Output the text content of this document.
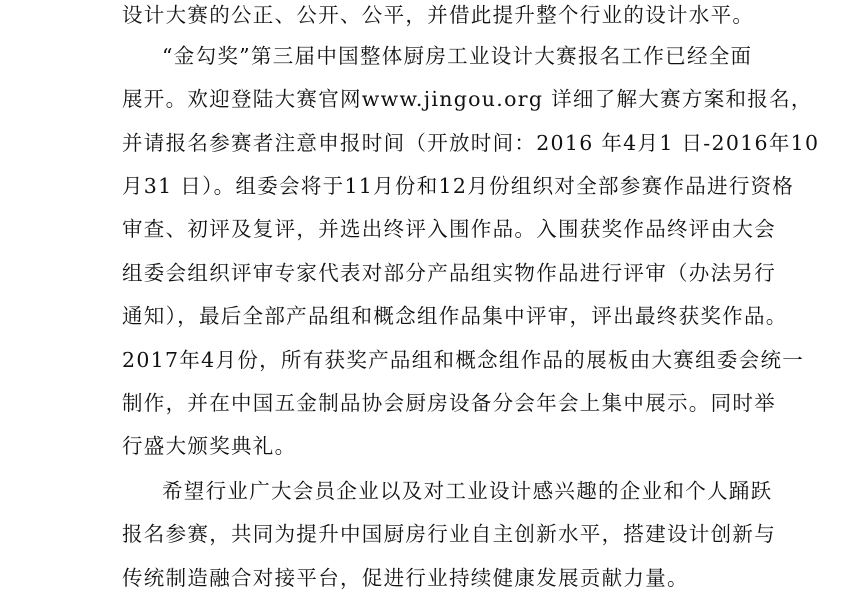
设计大赛的公正、公开、公平，并借此提升整个行业的设计水平。

“金勾奖”第三届中国整体厨房工业设计大赛报名工作已经全面

展开。欢迎登陆大赛官网www.jingou.org 详细了解大赛方案和报名，

并请报名参赛者注意申报时间（开放时间：2016 年4月1 日-2016年10

月31 日）。组委会将于11月份和12月份组织对全部参赛作品进行资格

审查、初评及复评，并选出终评入围作品。入围获奖作品终评由大会

组委会组织评审专家代表对部分产品组实物作品进行评审（办法另行

通知），最后全部产品组和概念组作品集中评审，评出最终获奖作品。

2017年4月份，所有获奖产品组和概念组作品的展板由大赛组委会统一

制作，并在中国五金制品协会厨房设备分会年会上集中展示。同时举

行盛大颁奖典礼。

希望行业广大会员企业以及对工业设计感兴趣的企业和个人踊跃

报名参赛，共同为提升中国厨房行业自主创新水平，搭建设计创新与

传统制造融合对接平台，促进行业持续健康发展贡献力量。
